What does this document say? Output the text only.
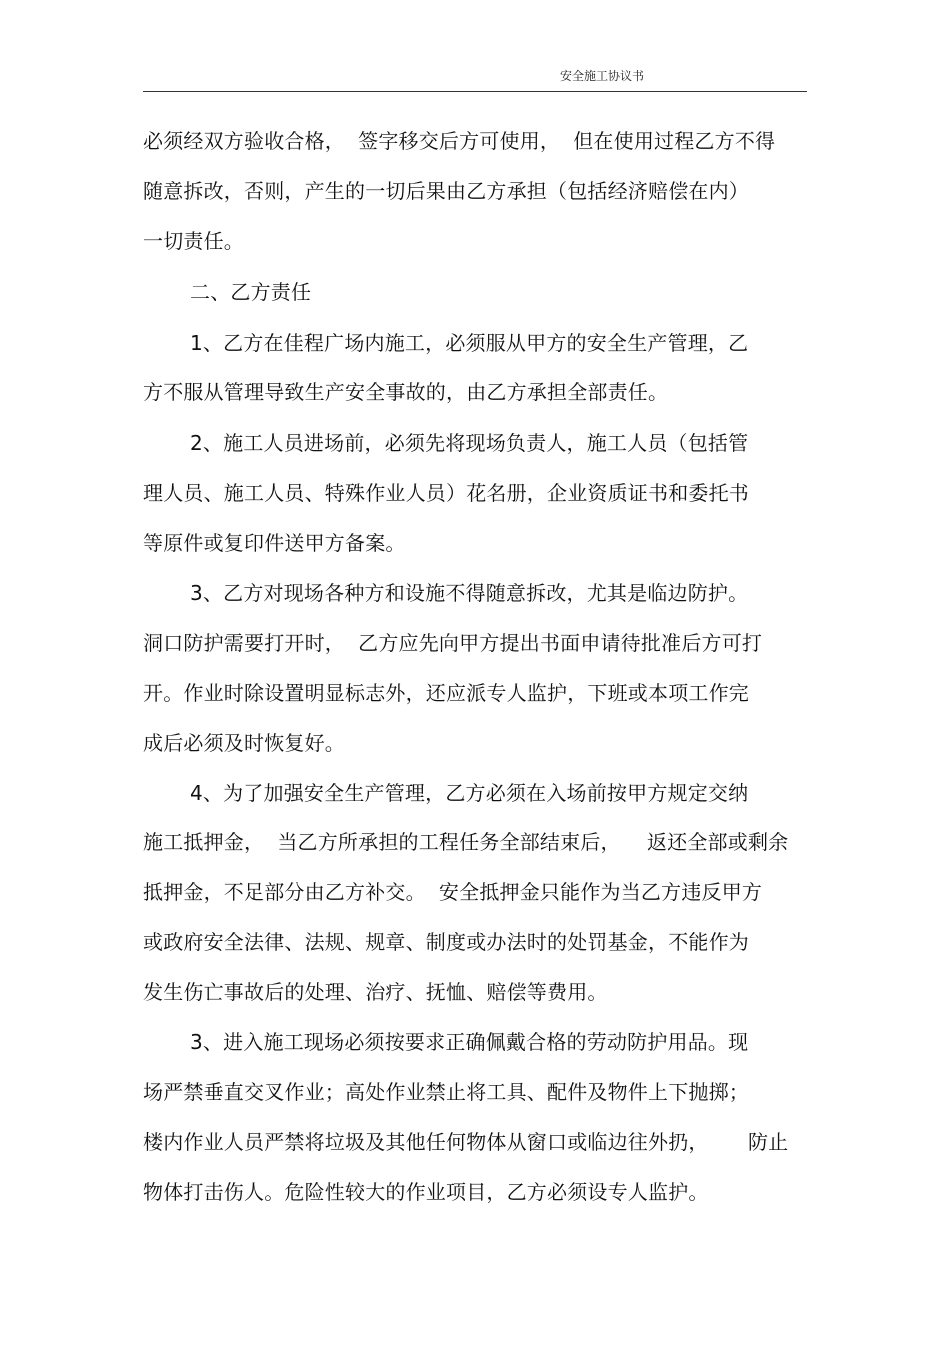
安全施工协议书
必须经双方验收合格，  签字移交后方可使用，  但在使用过程乙方不得
随意拆改，否则，产生的一切后果由乙方承担（包括经济赔偿在内）
一切责任。
二、乙方责任
1、乙方在佳程广场内施工，必须服从甲方的安全生产管理，乙
方不服从管理导致生产安全事故的，由乙方承担全部责任。
2、施工人员进场前，必须先将现场负责人，施工人员（包括管
理人员、施工人员、特殊作业人员）花名册，企业资质证书和委托书
等原件或复印件送甲方备案。
3、乙方对现场各种方和设施不得随意拆改，尤其是临边防护。
洞口防护需要打开时，  乙方应先向甲方提出书面申请待批准后方可打
开。作业时除设置明显标志外，还应派专人监护，下班或本项工作完
成后必须及时恢复好。
4、为了加强安全生产管理，乙方必须在入场前按甲方规定交纳
施工抵押金，  当乙方所承担的工程任务全部结束后，    返还全部或剩余
抵押金，不足部分由乙方补交。  安全抵押金只能作为当乙方违反甲方
或政府安全法律、法规、规章、制度或办法时的处罚基金，不能作为
发生伤亡事故后的处理、治疗、抚恤、赔偿等费用。
3、进入施工现场必须按要求正确佩戴合格的劳动防护用品。现
场严禁垂直交叉作业；高处作业禁止将工具、配件及物件上下抛掷；
楼内作业人员严禁将垃圾及其他任何物体从窗口或临边往外扔，      防止
物体打击伤人。危险性较大的作业项目，乙方必须设专人监护。
